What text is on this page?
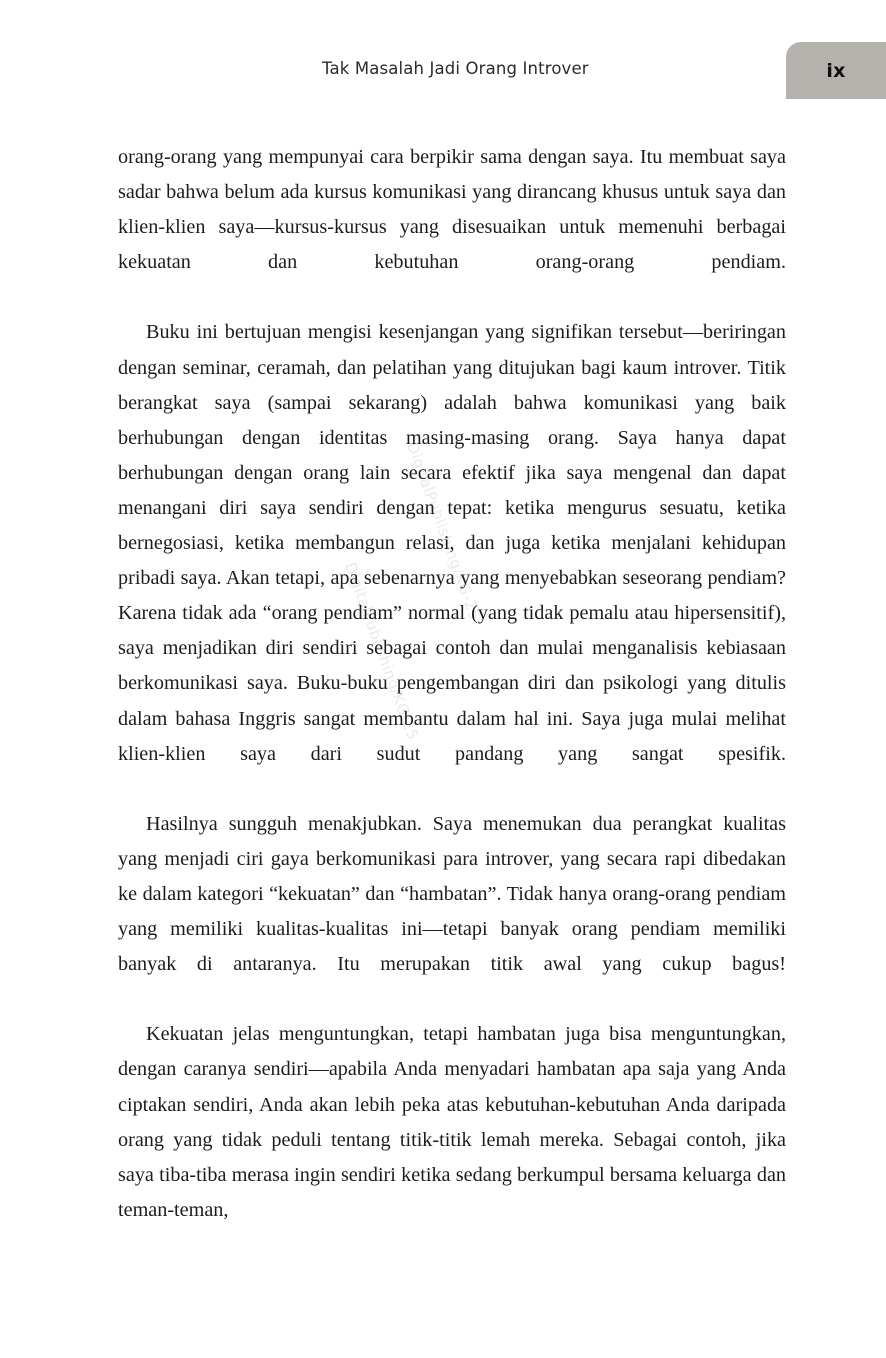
DigitalPublishing/KG-25
DigitalPublishing/KG-25
Tak Masalah Jadi Orang Introver	ix

orang-orang yang mempunyai cara berpikir sama dengan saya. Itu membuat saya sadar bahwa belum ada kursus komunikasi yang dirancang khusus untuk saya dan klien-klien saya—kursus-kursus yang disesuaikan untuk memenuhi berbagai kekuatan dan kebutuhan orang-orang pendiam.

Buku ini bertujuan mengisi kesenjangan yang signifikan tersebut—beriringan dengan seminar, ceramah, dan pelatihan yang ditujukan bagi kaum introver. Titik berangkat saya (sampai sekarang) adalah bahwa komunikasi yang baik berhubungan dengan identitas masing-masing orang. Saya hanya dapat berhubungan dengan orang lain secara efektif jika saya mengenal dan dapat menangani diri saya sendiri dengan tepat: ketika mengurus sesuatu, ketika bernegosiasi, ketika membangun relasi, dan juga ketika menjalani kehidupan pribadi saya. Akan tetapi, apa sebenarnya yang menyebabkan seseorang pendiam? Karena tidak ada “orang pendiam” normal (yang tidak pemalu atau hipersensitif), saya menjadikan diri sendiri sebagai contoh dan mulai menganalisis kebiasaan berkomunikasi saya. Buku-buku pengembangan diri dan psikologi yang ditulis dalam bahasa Inggris sangat membantu dalam hal ini. Saya juga mulai melihat klien-klien saya dari sudut pandang yang sangat spesifik.

Hasilnya sungguh menakjubkan. Saya menemukan dua perangkat kualitas yang menjadi ciri gaya berkomunikasi para introver, yang secara rapi dibedakan ke dalam kategori “kekuatan” dan “hambatan”. Tidak hanya orang-orang pendiam yang memiliki kualitas-kualitas ini—tetapi banyak orang pendiam memiliki banyak di antaranya. Itu merupakan titik awal yang cukup bagus!

Kekuatan jelas menguntungkan, tetapi hambatan juga bisa menguntungkan, dengan caranya sendiri—apabila Anda menyadari hambatan apa saja yang Anda ciptakan sendiri, Anda akan lebih peka atas kebutuhan-kebutuhan Anda daripada orang yang tidak peduli tentang titik-titik lemah mereka. Sebagai contoh, jika saya tiba-tiba merasa ingin sendiri ketika sedang berkumpul bersama keluarga dan teman-teman,
